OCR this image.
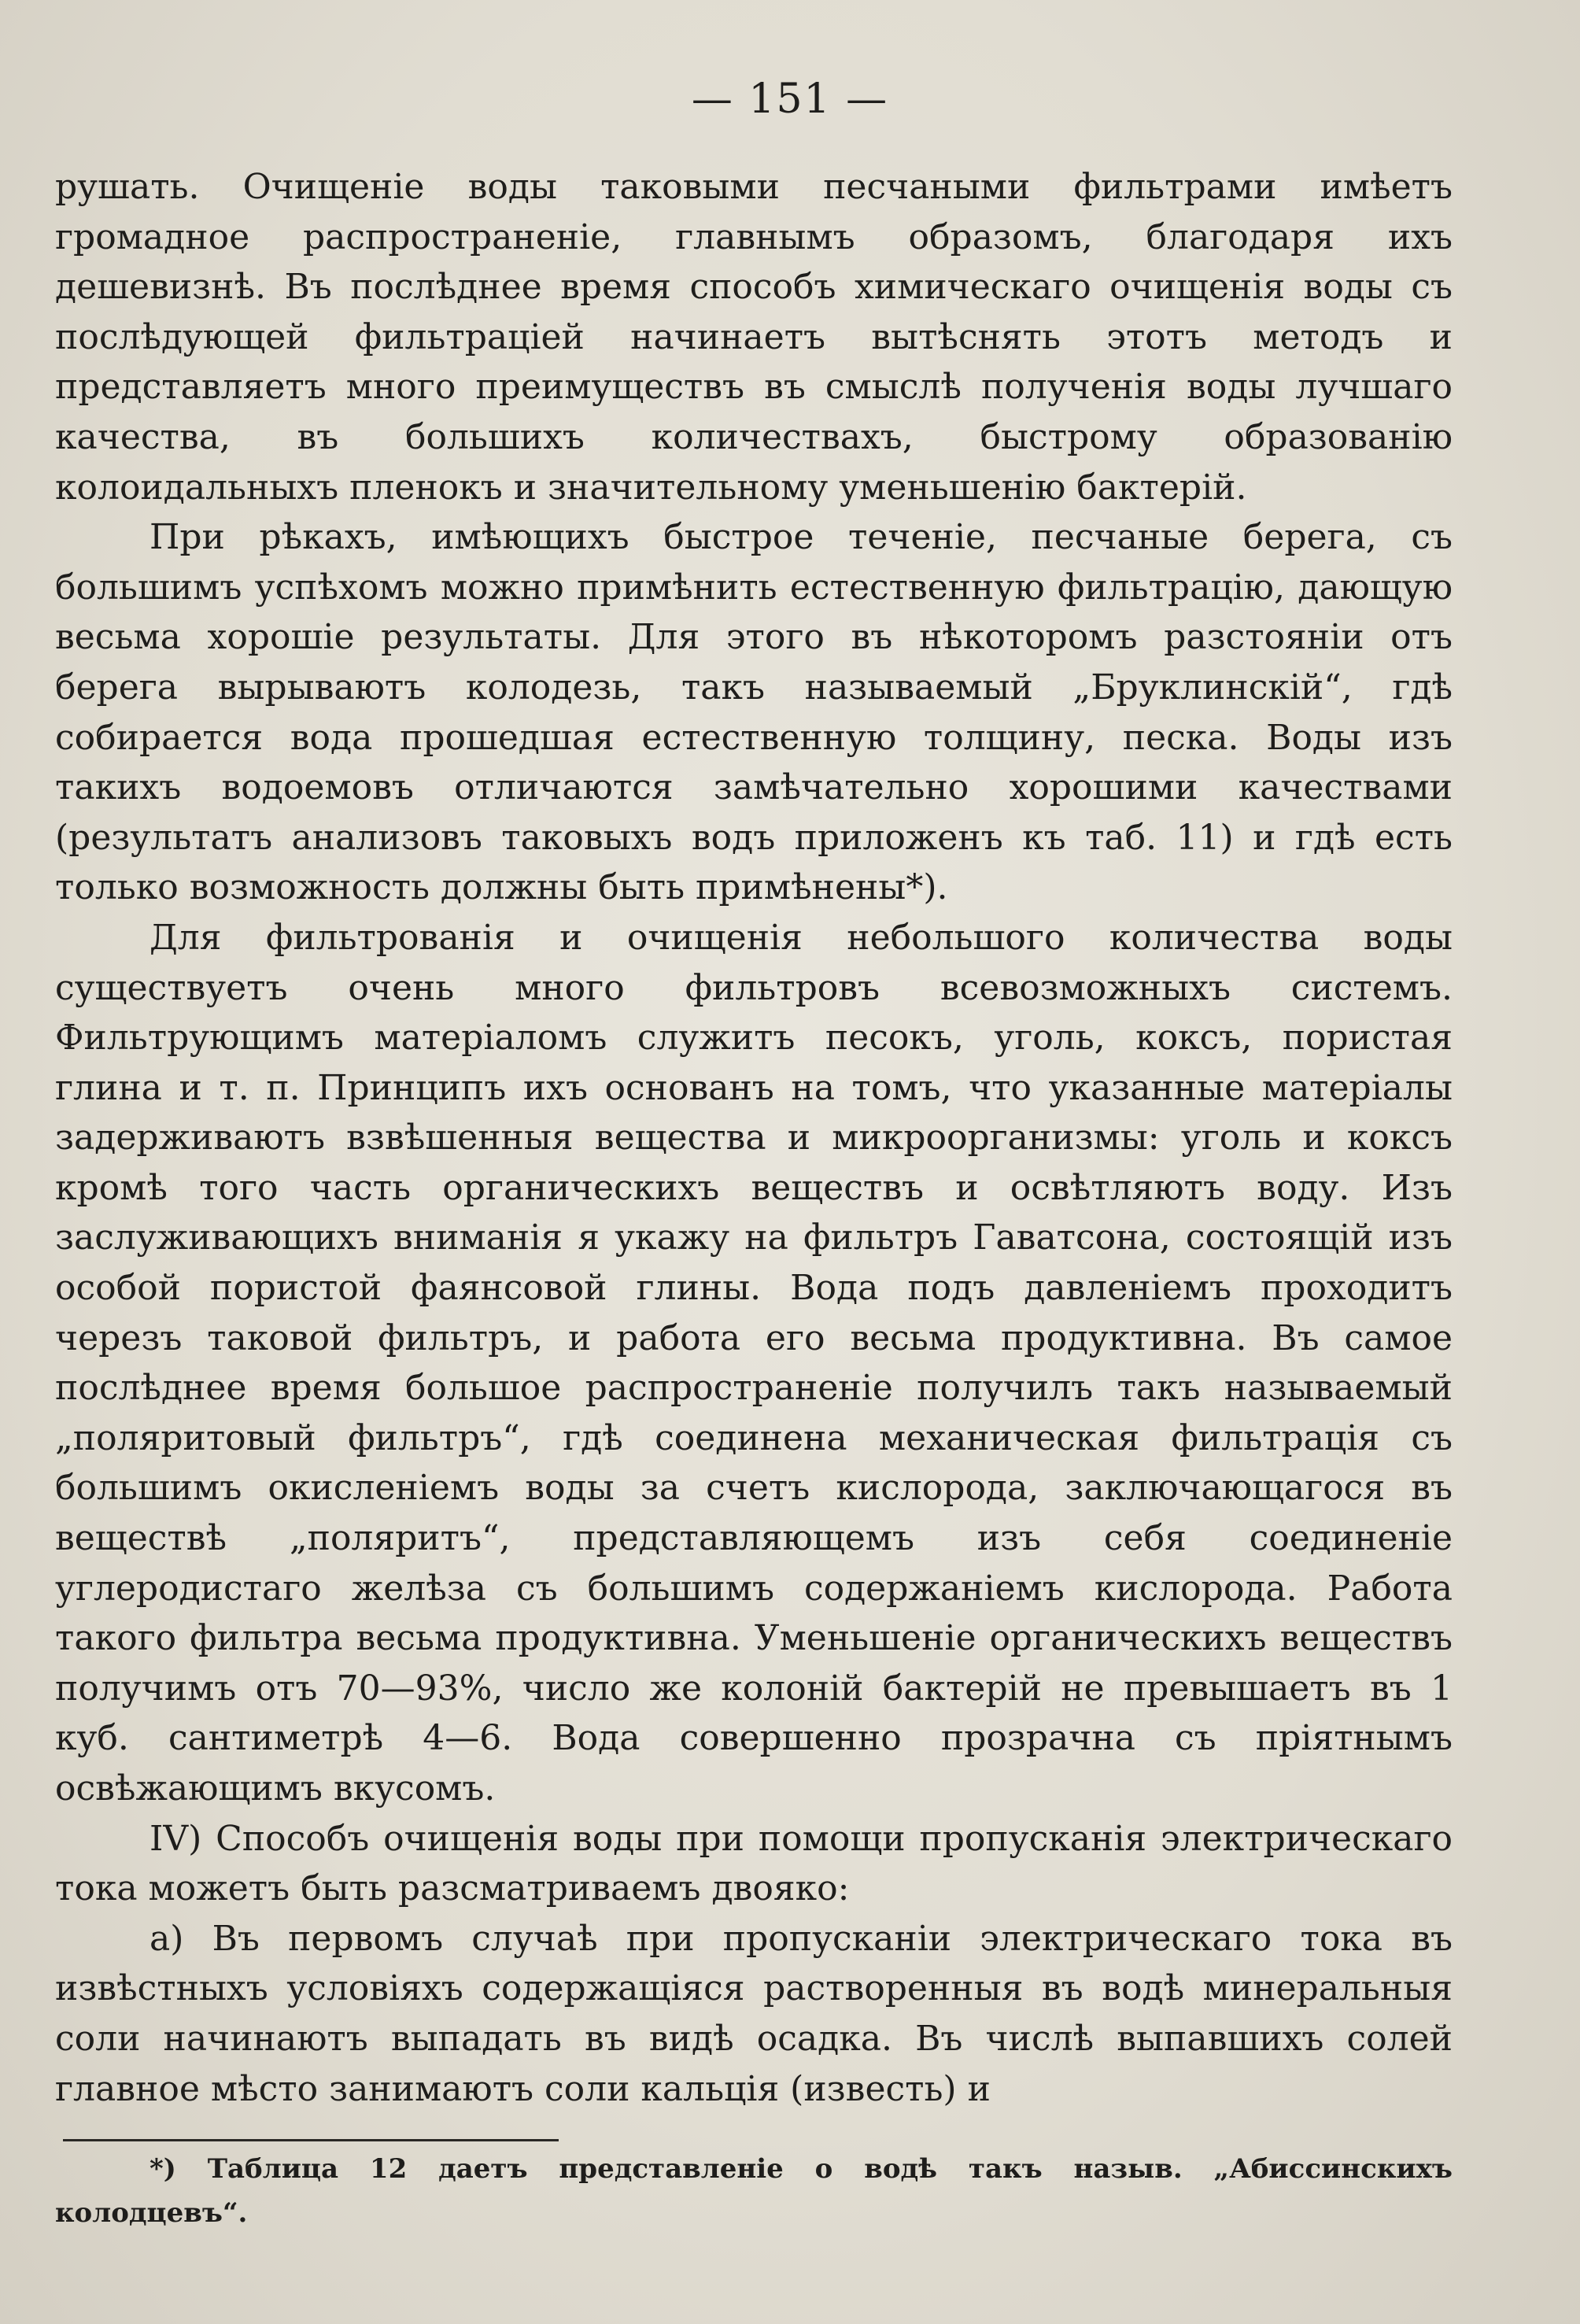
— 151 —

рушать. Очищенiе воды таковыми песчаными фильтрами имѣетъ громадное распространенiе, главнымъ образомъ, благодаря ихъ дешевизнѣ. Въ послѣднее время способъ химическаго очищенiя воды съ послѣдующей фильтрацiей начинаетъ вытѣснять этотъ методъ и представляетъ много преимуществъ въ смыслѣ полученiя воды лучшаго качества, въ большихъ количествахъ, быстрому образованiю колоидальныхъ пленокъ и значительному уменьшенiю бактерiй.

При рѣкахъ, имѣющихъ быстрое теченiе, песчаные берега, съ большимъ успѣхомъ можно примѣнить естественную фильтрацiю, дающую весьма хорошiе результаты. Для этого въ нѣкоторомъ разстоянiи отъ берега вырываютъ колодезь, такъ называемый „Бруклинскiй“, гдѣ собирается вода прошедшая естественную толщину, песка. Воды изъ такихъ водоемовъ отличаются замѣчательно хорошими качествами (результатъ анализовъ таковыхъ водъ приложенъ къ таб. 11) и гдѣ есть только возможность должны быть примѣнены*).

Для фильтрованiя и очищенiя небольшого количества воды существуетъ очень много фильтровъ всевозможныхъ системъ. Фильтрующимъ матерiаломъ служитъ песокъ, уголь, коксъ, пористая глина и т. п. Принципъ ихъ основанъ на томъ, что указанные матерiалы задерживаютъ взвѣшенныя вещества и микроорганизмы: уголь и коксъ кромѣ того часть органическихъ веществъ и освѣтляютъ воду. Изъ заслуживающихъ вниманiя я укажу на фильтръ Гаватсона, состоящiй изъ особой пористой фаянсовой глины. Вода подъ давленiемъ проходитъ черезъ таковой фильтръ, и работа его весьма продуктивна. Въ самое послѣднее время большое распространенiе получилъ такъ называемый „поляритовый фильтръ“, гдѣ соединена механическая фильтрацiя съ большимъ окисленiемъ воды за счетъ кислорода, заключающагося въ веществѣ „поляритъ“, представляющемъ изъ себя соединенiе углеродистаго желѣза съ большимъ содержанiемъ кислорода. Работа такого фильтра весьма продуктивна. Уменьшенiе органическихъ веществъ получимъ отъ 70—93%, число же колонiй бактерiй не превышаетъ въ 1 куб. сантиметрѣ 4—6. Вода совершенно прозрачна съ прiятнымъ освѣжающимъ вкусомъ.

IV) Способъ очищенiя воды при помощи пропусканiя электрическаго тока можетъ быть разсматриваемъ двояко:

a) Въ первомъ случаѣ при пропусканiи электрическаго тока въ извѣстныхъ условiяхъ содержащiяся растворенныя въ водѣ минеральныя соли начинаютъ выпадать въ видѣ осадка. Въ числѣ выпавшихъ солей главное мѣсто занимаютъ соли кальцiя (известь) и

*) Таблица 12 даетъ представленiе о водѣ такъ назыв. „Абиссинскихъ колодцевъ“.
